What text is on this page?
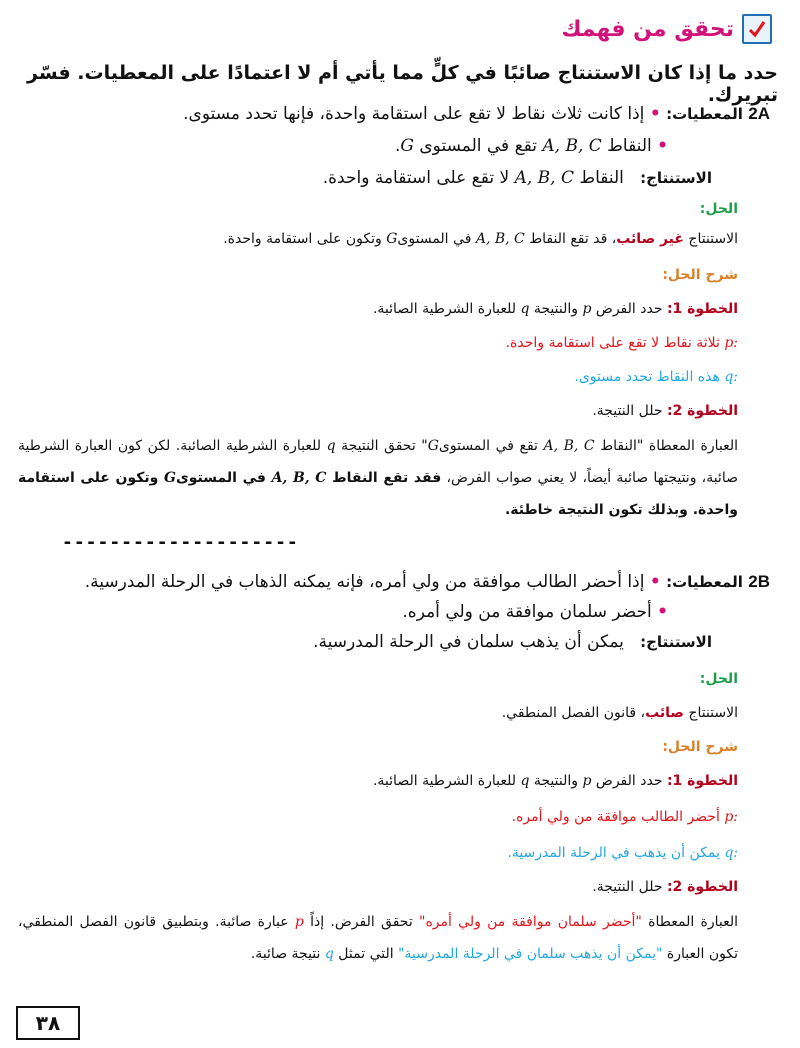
تحقق من فهمك
حدد ما إذا كان الاستنتاج صائبًا في كلٍّ مما يأتي أم لا اعتمادًا على المعطيات. فسّر تبريرك.
2A المعطيات: • إذا كانت ثلاث نقاط لا تقع على استقامة واحدة، فإنها تحدد مستوى.
• النقاط A, B, C تقع في المستوى G.
الاستنتاج:   النقاط A, B, C لا تقع على استقامة واحدة.
الحل:
الاستنتاج غير صائب، قد تقع النقاط A, B, C في المستوىG وتكون على استقامة واحدة.
شرح الحل:
الخطوة 1: حدد الفرض p والنتيجة q للعبارة الشرطية الصائبة.
p: ثلاثة نقاط لا تقع على استقامة واحدة.
q: هذه النقاط تحدد مستوى.
الخطوة 2: حلل النتيجة.
العبارة المعطاة "النقاط A, B, C تقع في المستوىG" تحقق النتيجة q للعبارة الشرطية الصائبة. لكن كون العبارة الشرطية صائبة، ونتيجتها صائبة أيضاً، لا يعني صواب الفرض، فقد تقع النقاط A, B, C في المستوىG وتكون على استقامة واحدة. وبذلك تكون النتيجة خاطئة.
--------------------
2B المعطيات: • إذا أحضر الطالب موافقة من ولي أمره، فإنه يمكنه الذهاب في الرحلة المدرسية.
• أحضر سلمان موافقة من ولي أمره.
الاستنتاج:   يمكن أن يذهب سلمان في الرحلة المدرسية.
الحل:
الاستنتاج صائب، قانون الفصل المنطقي.
شرح الحل:
الخطوة 1: حدد الفرض p والنتيجة q للعبارة الشرطية الصائبة.
p: أحضر الطالب موافقة من ولي أمره.
q: يمكن أن يذهب في الرحلة المدرسية.
الخطوة 2: حلل النتيجة.
العبارة المعطاة "أحضر سلمان موافقة من ولي أمره" تحقق الفرض. إذاً p عبارة صائبة. وبتطبيق قانون الفصل المنطقي، تكون العبارة "يمكن أن يذهب سلمان في الرحلة المدرسية" التي تمثل q نتيجة صائبة.
٣٨
